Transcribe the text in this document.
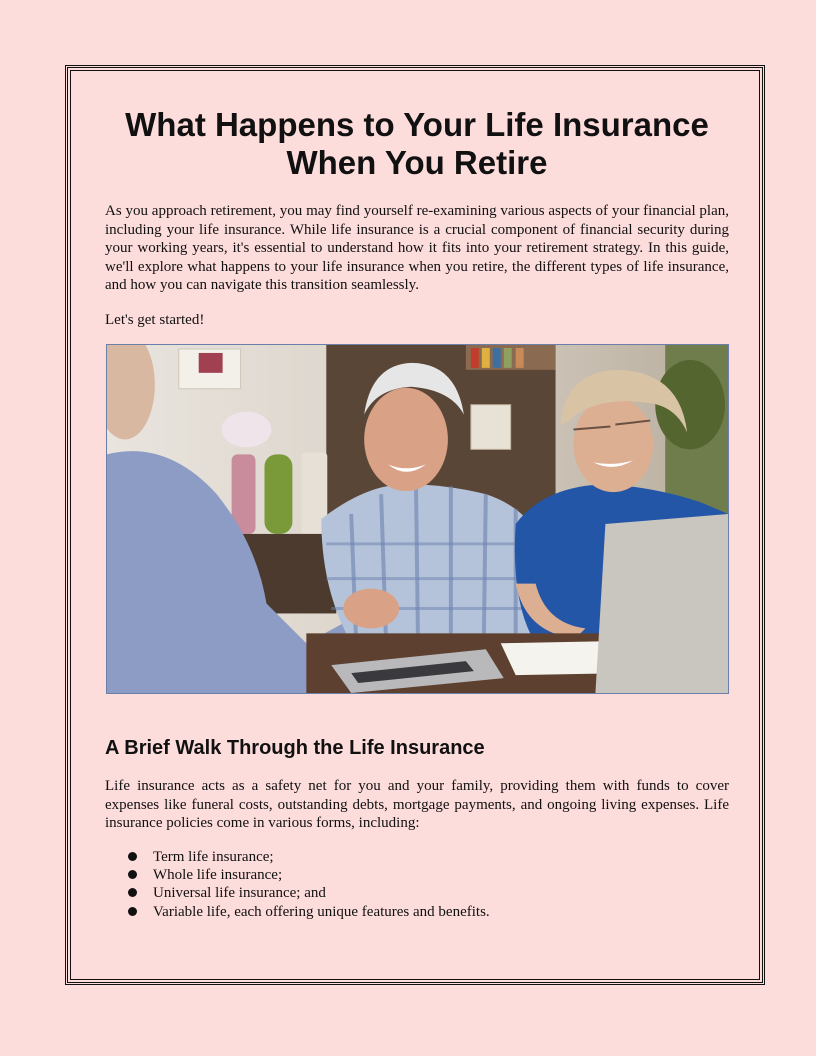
What Happens to Your Life Insurance When You Retire

As you approach retirement, you may find yourself re-examining various aspects of your financial plan, including your life insurance. While life insurance is a crucial component of financial security during your working years, it's essential to understand how it fits into your retirement strategy. In this guide, we'll explore what happens to your life insurance when you retire, the different types of life insurance, and how you can navigate this transition seamlessly.

Let's get started!

A Brief Walk Through the Life Insurance

Life insurance acts as a safety net for you and your family, providing them with funds to cover expenses like funeral costs, outstanding debts, mortgage payments, and ongoing living expenses. Life insurance policies come in various forms, including:

Term life insurance;
Whole life insurance;
Universal life insurance; and
Variable life, each offering unique features and benefits.
